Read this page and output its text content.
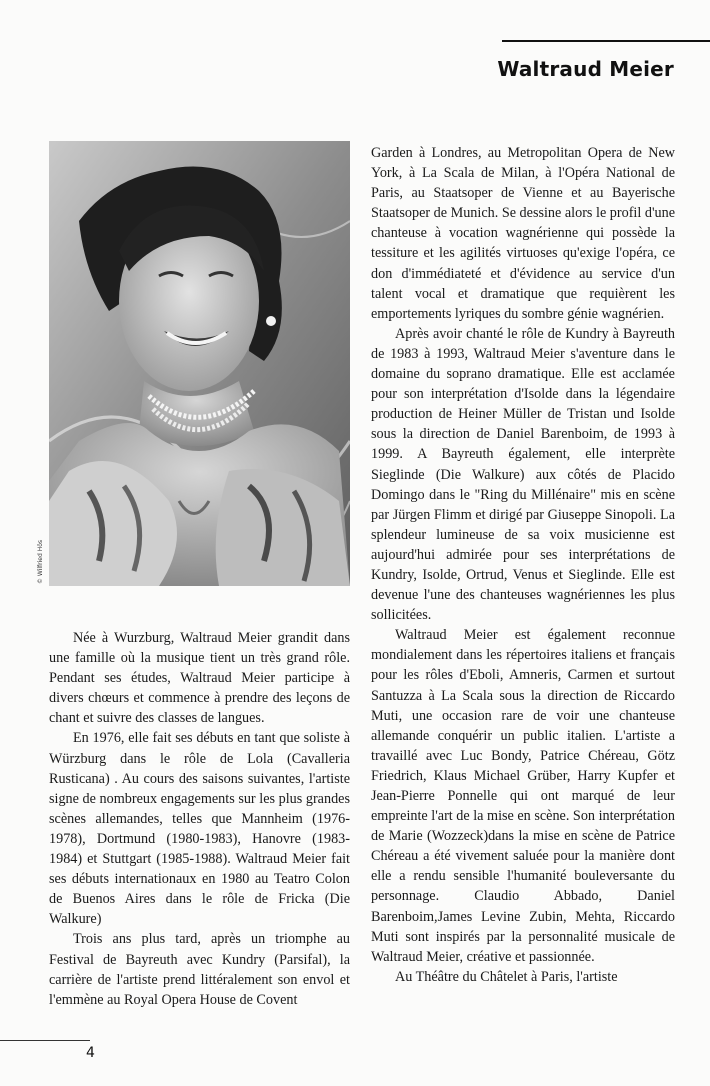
Waltraud Meier
© Wilfried Hös

Née à Wurzburg, Waltraud Meier grandit dans une famille où la musique tient un très grand rôle. Pendant ses études, Waltraud Meier participe à divers chœurs et commence à prendre des leçons de chant et suivre des classes de langues.

En 1976, elle fait ses débuts en tant que soliste à Würzburg dans le rôle de Lola (Cavalleria Rusticana) . Au cours des saisons suivantes, l'artiste signe de nombreux engagements sur les plus grandes scènes allemandes, telles que Mannheim (1976-1978), Dortmund (1980-1983), Hanovre (1983-1984) et Stuttgart (1985-1988). Waltraud Meier fait ses débuts internationaux en 1980 au Teatro Colon de Buenos Aires dans le rôle de Fricka (Die Walkure)

Trois ans plus tard, après un triomphe au Festival de Bayreuth avec Kundry (Parsifal), la carrière de l'artiste prend littéralement son envol et l'emmène au Royal Opera House de Covent

Garden à Londres, au Metropolitan Opera de New York, à La Scala de Milan, à l'Opéra National de Paris, au Staatsoper de Vienne et au Bayerische Staatsoper de Munich. Se dessine alors le profil d'une chanteuse à vocation wagnérienne qui possède la tessiture et les agilités virtuoses qu'exige l'opéra, ce don d'immédiateté et d'évidence au service d'un talent vocal et dramatique que requièrent les emportements lyriques du sombre génie wagnérien.

Après avoir chanté le rôle de Kundry à Bayreuth de 1983 à 1993, Waltraud Meier s'aventure dans le domaine du soprano dramatique. Elle est acclamée pour son interprétation d'Isolde dans la légendaire production de Heiner Müller de Tristan und Isolde sous la direction de Daniel Barenboim, de 1993 à 1999. A Bayreuth également, elle interprète Sieglinde (Die Walkure) aux côtés de Placido Domingo dans le "Ring du Millénaire" mis en scène par Jürgen Flimm et dirigé par Giuseppe Sinopoli. La splendeur lumineuse de sa voix musicienne est aujourd'hui admirée pour ses interprétations de Kundry, Isolde, Ortrud, Venus et Sieglinde. Elle est devenue l'une des chanteuses wagnériennes les plus sollicitées.

Waltraud Meier est également reconnue mondialement dans les répertoires italiens et français pour les rôles d'Eboli, Amneris, Carmen et surtout Santuzza à La Scala sous la direction de Riccardo Muti, une occasion rare de voir une chanteuse allemande conquérir un public italien. L'artiste a travaillé avec Luc Bondy, Patrice Chéreau, Götz Friedrich, Klaus Michael Grüber, Harry Kupfer et Jean-Pierre Ponnelle qui ont marqué de leur empreinte l'art de la mise en scène. Son interprétation de Marie (Wozzeck)dans la mise en scène de Patrice Chéreau a été vivement saluée pour la manière dont elle a rendu sensible l'humanité bouleversante du personnage. Claudio Abbado, Daniel Barenboim,James Levine Zubin, Mehta, Riccardo Muti sont inspirés par la personnalité musicale de Waltraud Meier, créative et passionnée.

Au Théâtre du Châtelet à Paris, l'artiste

4
